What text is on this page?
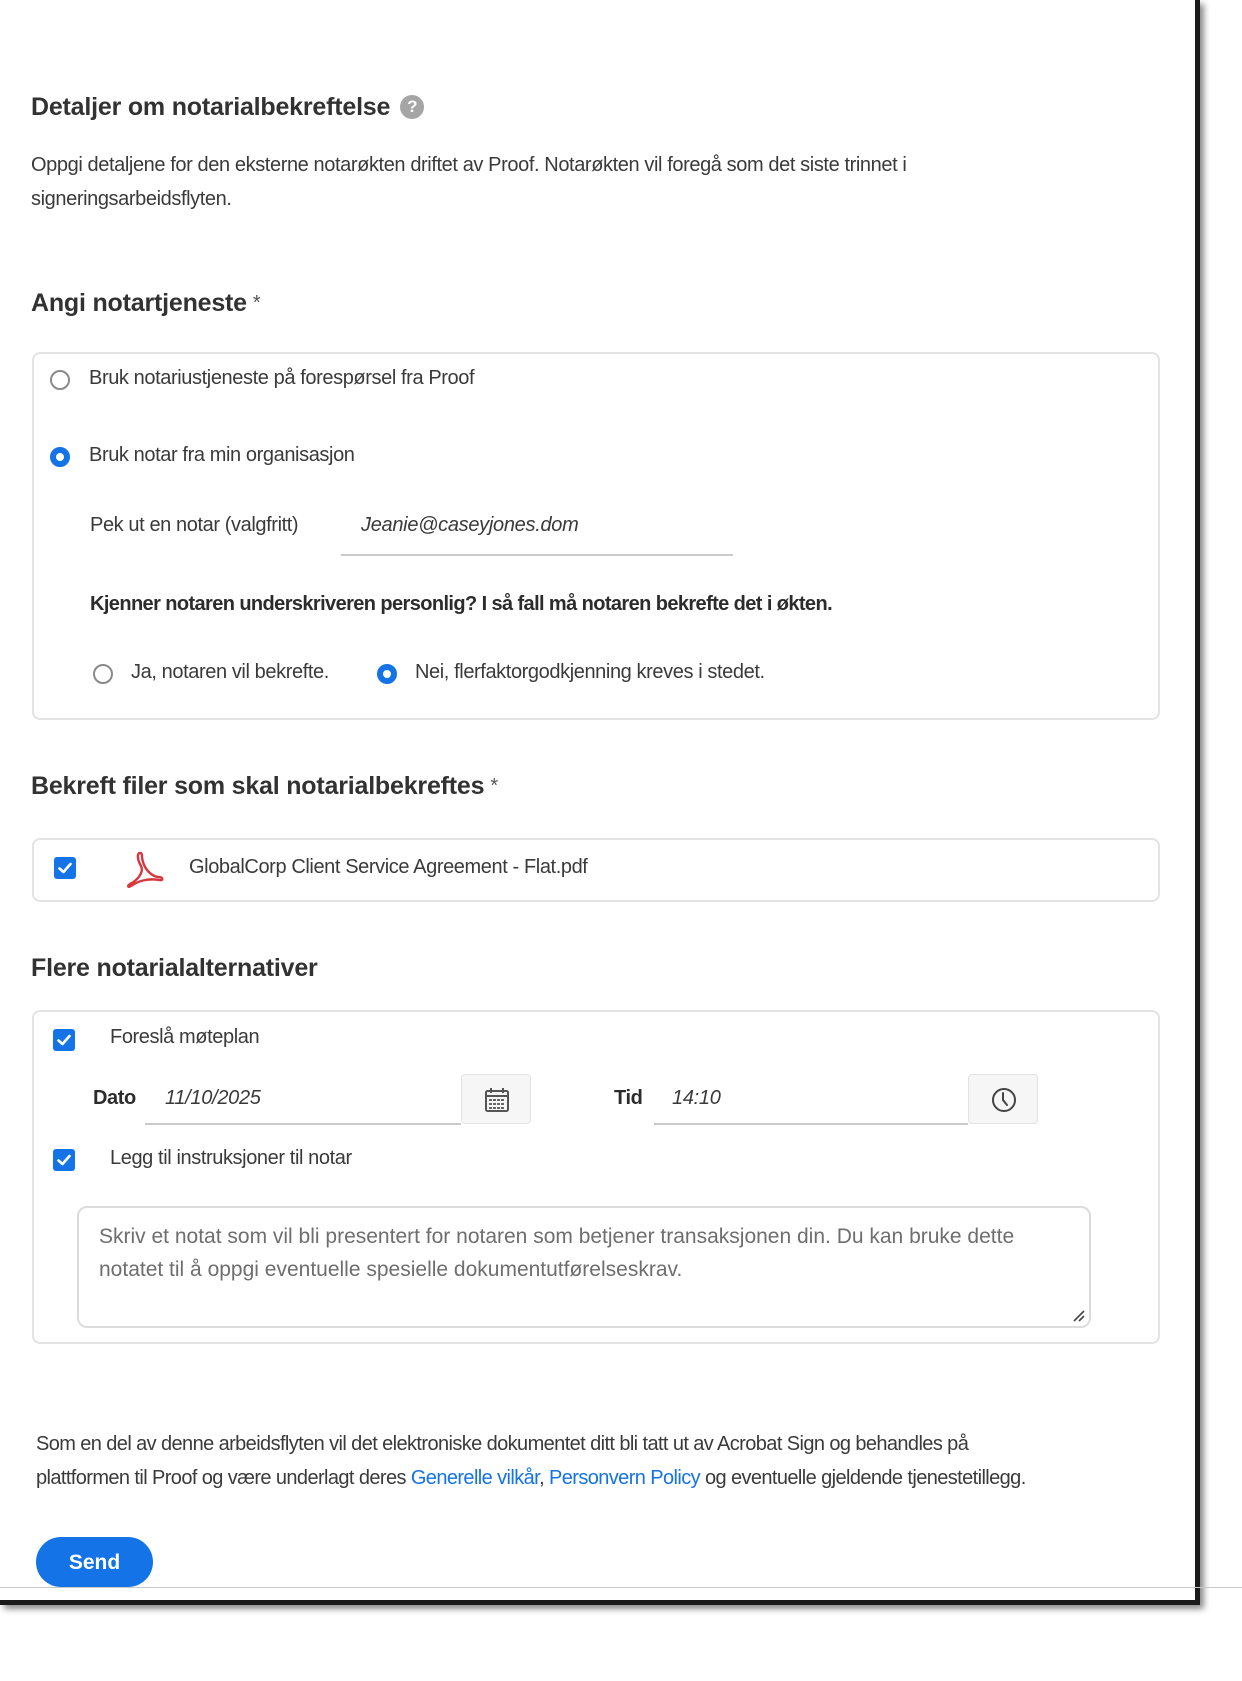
Detaljer om notarialbekreftelse ?
Oppgi detaljene for den eksterne notarøkten driftet av Proof. Notarøkten vil foregå som det siste trinnet i
signeringsarbeidsflyten.
Angi notartjeneste *
Bruk notariustjeneste på forespørsel fra Proof
Bruk notar fra min organisasjon
Pek ut en notar (valgfritt)	Jeanie@caseyjones.dom
Kjenner notaren underskriveren personlig? I så fall må notaren bekrefte det i økten.
Ja, notaren vil bekrefte.	Nei, flerfaktorgodkjenning kreves i stedet.
Bekreft filer som skal notarialbekreftes *
GlobalCorp Client Service Agreement - Flat.pdf
Flere notarialalternativer
Foreslå møteplan
Dato 11/10/2025	Tid 14:10
Legg til instruksjoner til notar
Skriv et notat som vil bli presentert for notaren som betjener transaksjonen din. Du kan bruke dette notatet til å oppgi eventuelle spesielle dokumentutførelseskrav.
Som en del av denne arbeidsflyten vil det elektroniske dokumentet ditt bli tatt ut av Acrobat Sign og behandles på
plattformen til Proof og være underlagt deres Generelle vilkår, Personvern Policy og eventuelle gjeldende tjenestetillegg.
Send
